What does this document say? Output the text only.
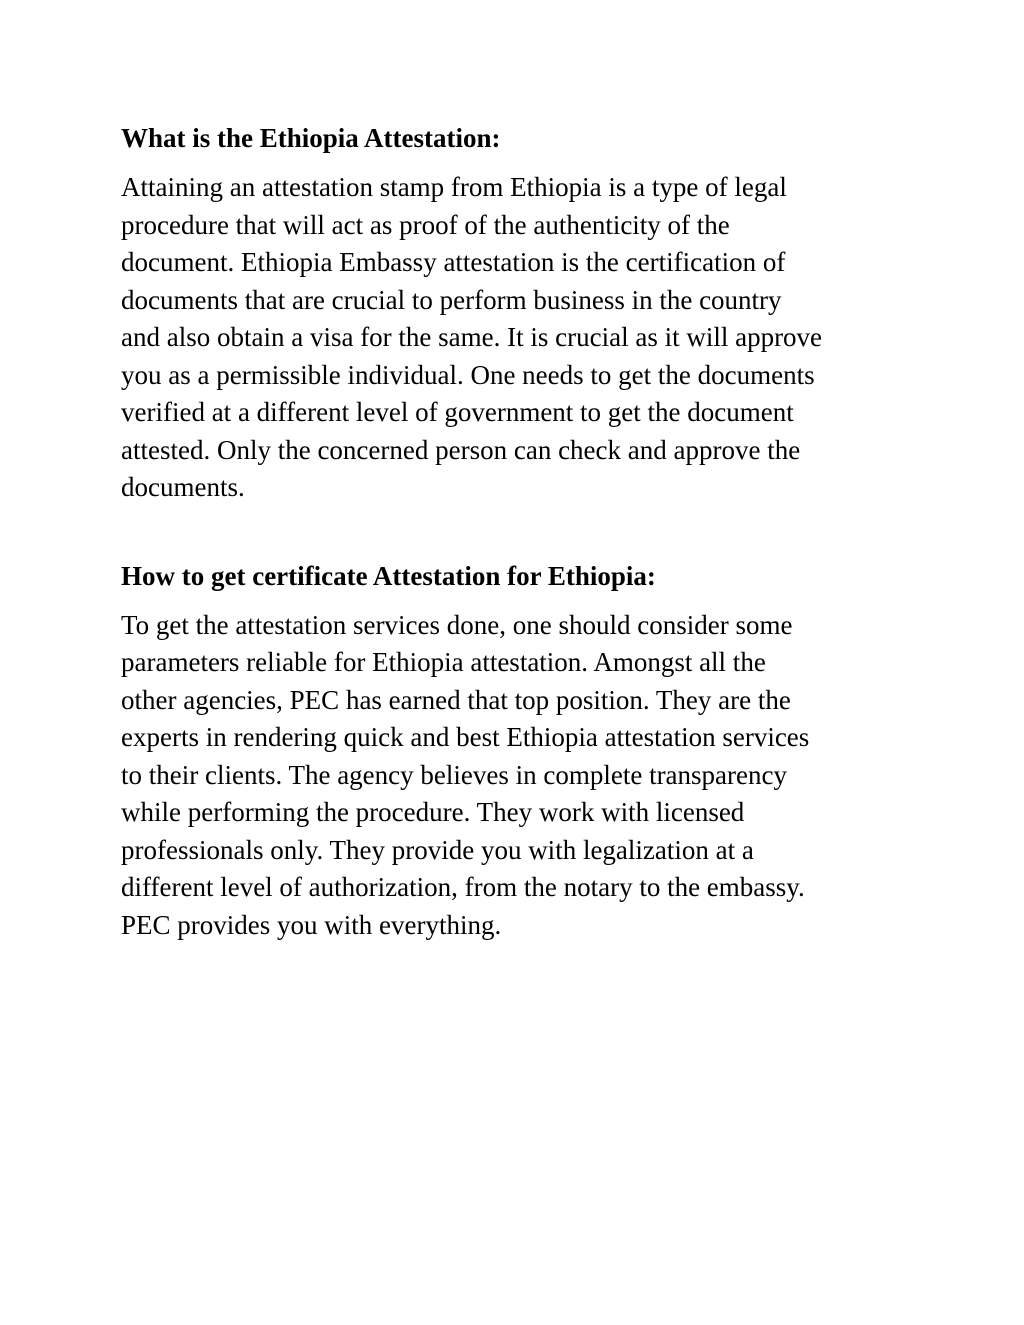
What is the Ethiopia Attestation:

Attaining an attestation stamp from Ethiopia is a type of legal
procedure that will act as proof of the authenticity of the
document. Ethiopia Embassy attestation is the certification of
documents that are crucial to perform business in the country
and also obtain a visa for the same. It is crucial as it will approve
you as a permissible individual. One needs to get the documents
verified at a different level of government to get the document
attested. Only the concerned person can check and approve the
documents.

How to get certificate Attestation for Ethiopia:

To get the attestation services done, one should consider some
parameters reliable for Ethiopia attestation. Amongst all the
other agencies, PEC has earned that top position. They are the
experts in rendering quick and best Ethiopia attestation services
to their clients. The agency believes in complete transparency
while performing the procedure. They work with licensed
professionals only. They provide you with legalization at a
different level of authorization, from the notary to the embassy.
PEC provides you with everything.
